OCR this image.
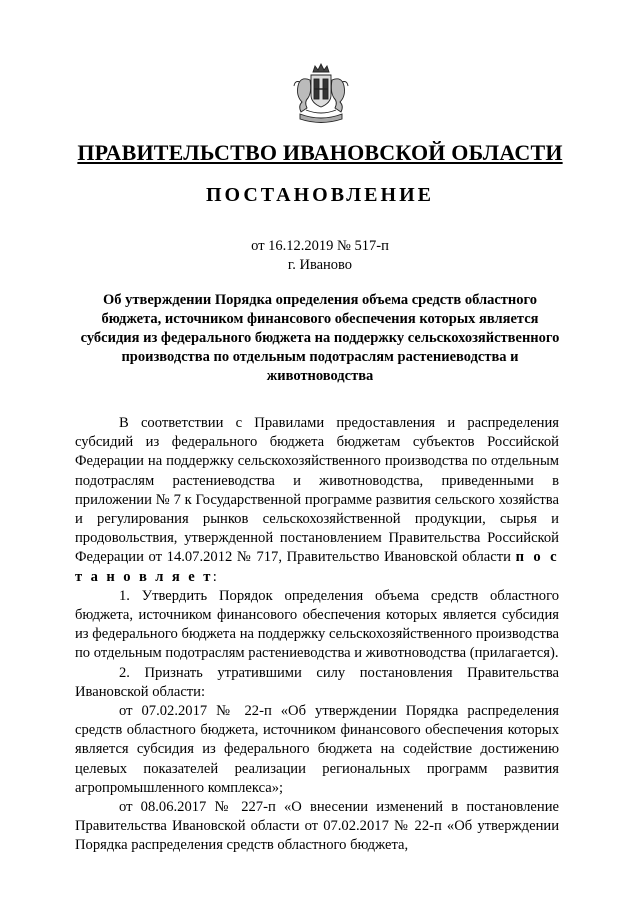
ПРАВИТЕЛЬСТВО ИВАНОВСКОЙ ОБЛАСТИ
ПОСТАНОВЛЕНИЕ
от 16.12.2019 № 517-п
г. Иваново
Об утверждении Порядка определения объема средств областного бюджета, источником финансового обеспечения которых является субсидия из федерального бюджета на поддержку сельскохозяйственного производства по отдельным подотраслям растениеводства и животноводства

В соответствии с Правилами предоставления и распределения субсидий из федерального бюджета бюджетам субъектов Российской Федерации на поддержку сельскохозяйственного производства по отдельным подотраслям растениеводства и животноводства, приведенными в приложении № 7 к Государственной программе развития сельского хозяйства и регулирования рынков сельскохозяйственной продукции, сырья и продовольствия, утвержденной постановлением Правительства Российской Федерации от 14.07.2012 № 717, Правительство Ивановской области п о с т а н о в л я е т:

1. Утвердить Порядок определения объема средств областного бюджета, источником финансового обеспечения которых является субсидия из федерального бюджета на поддержку сельскохозяйственного производства по отдельным подотраслям растениеводства и животноводства (прилагается).

2. Признать утратившими силу постановления Правительства Ивановской области:

от 07.02.2017 № 22-п «Об утверждении Порядка распределения средств областного бюджета, источником финансового обеспечения которых является субсидия из федерального бюджета на содействие достижению целевых показателей реализации региональных программ развития агропромышленного комплекса»;

от 08.06.2017 № 227-п «О внесении изменений в постановление Правительства Ивановской области от 07.02.2017 № 22-п «Об утверждении Порядка распределения средств областного бюджета,
